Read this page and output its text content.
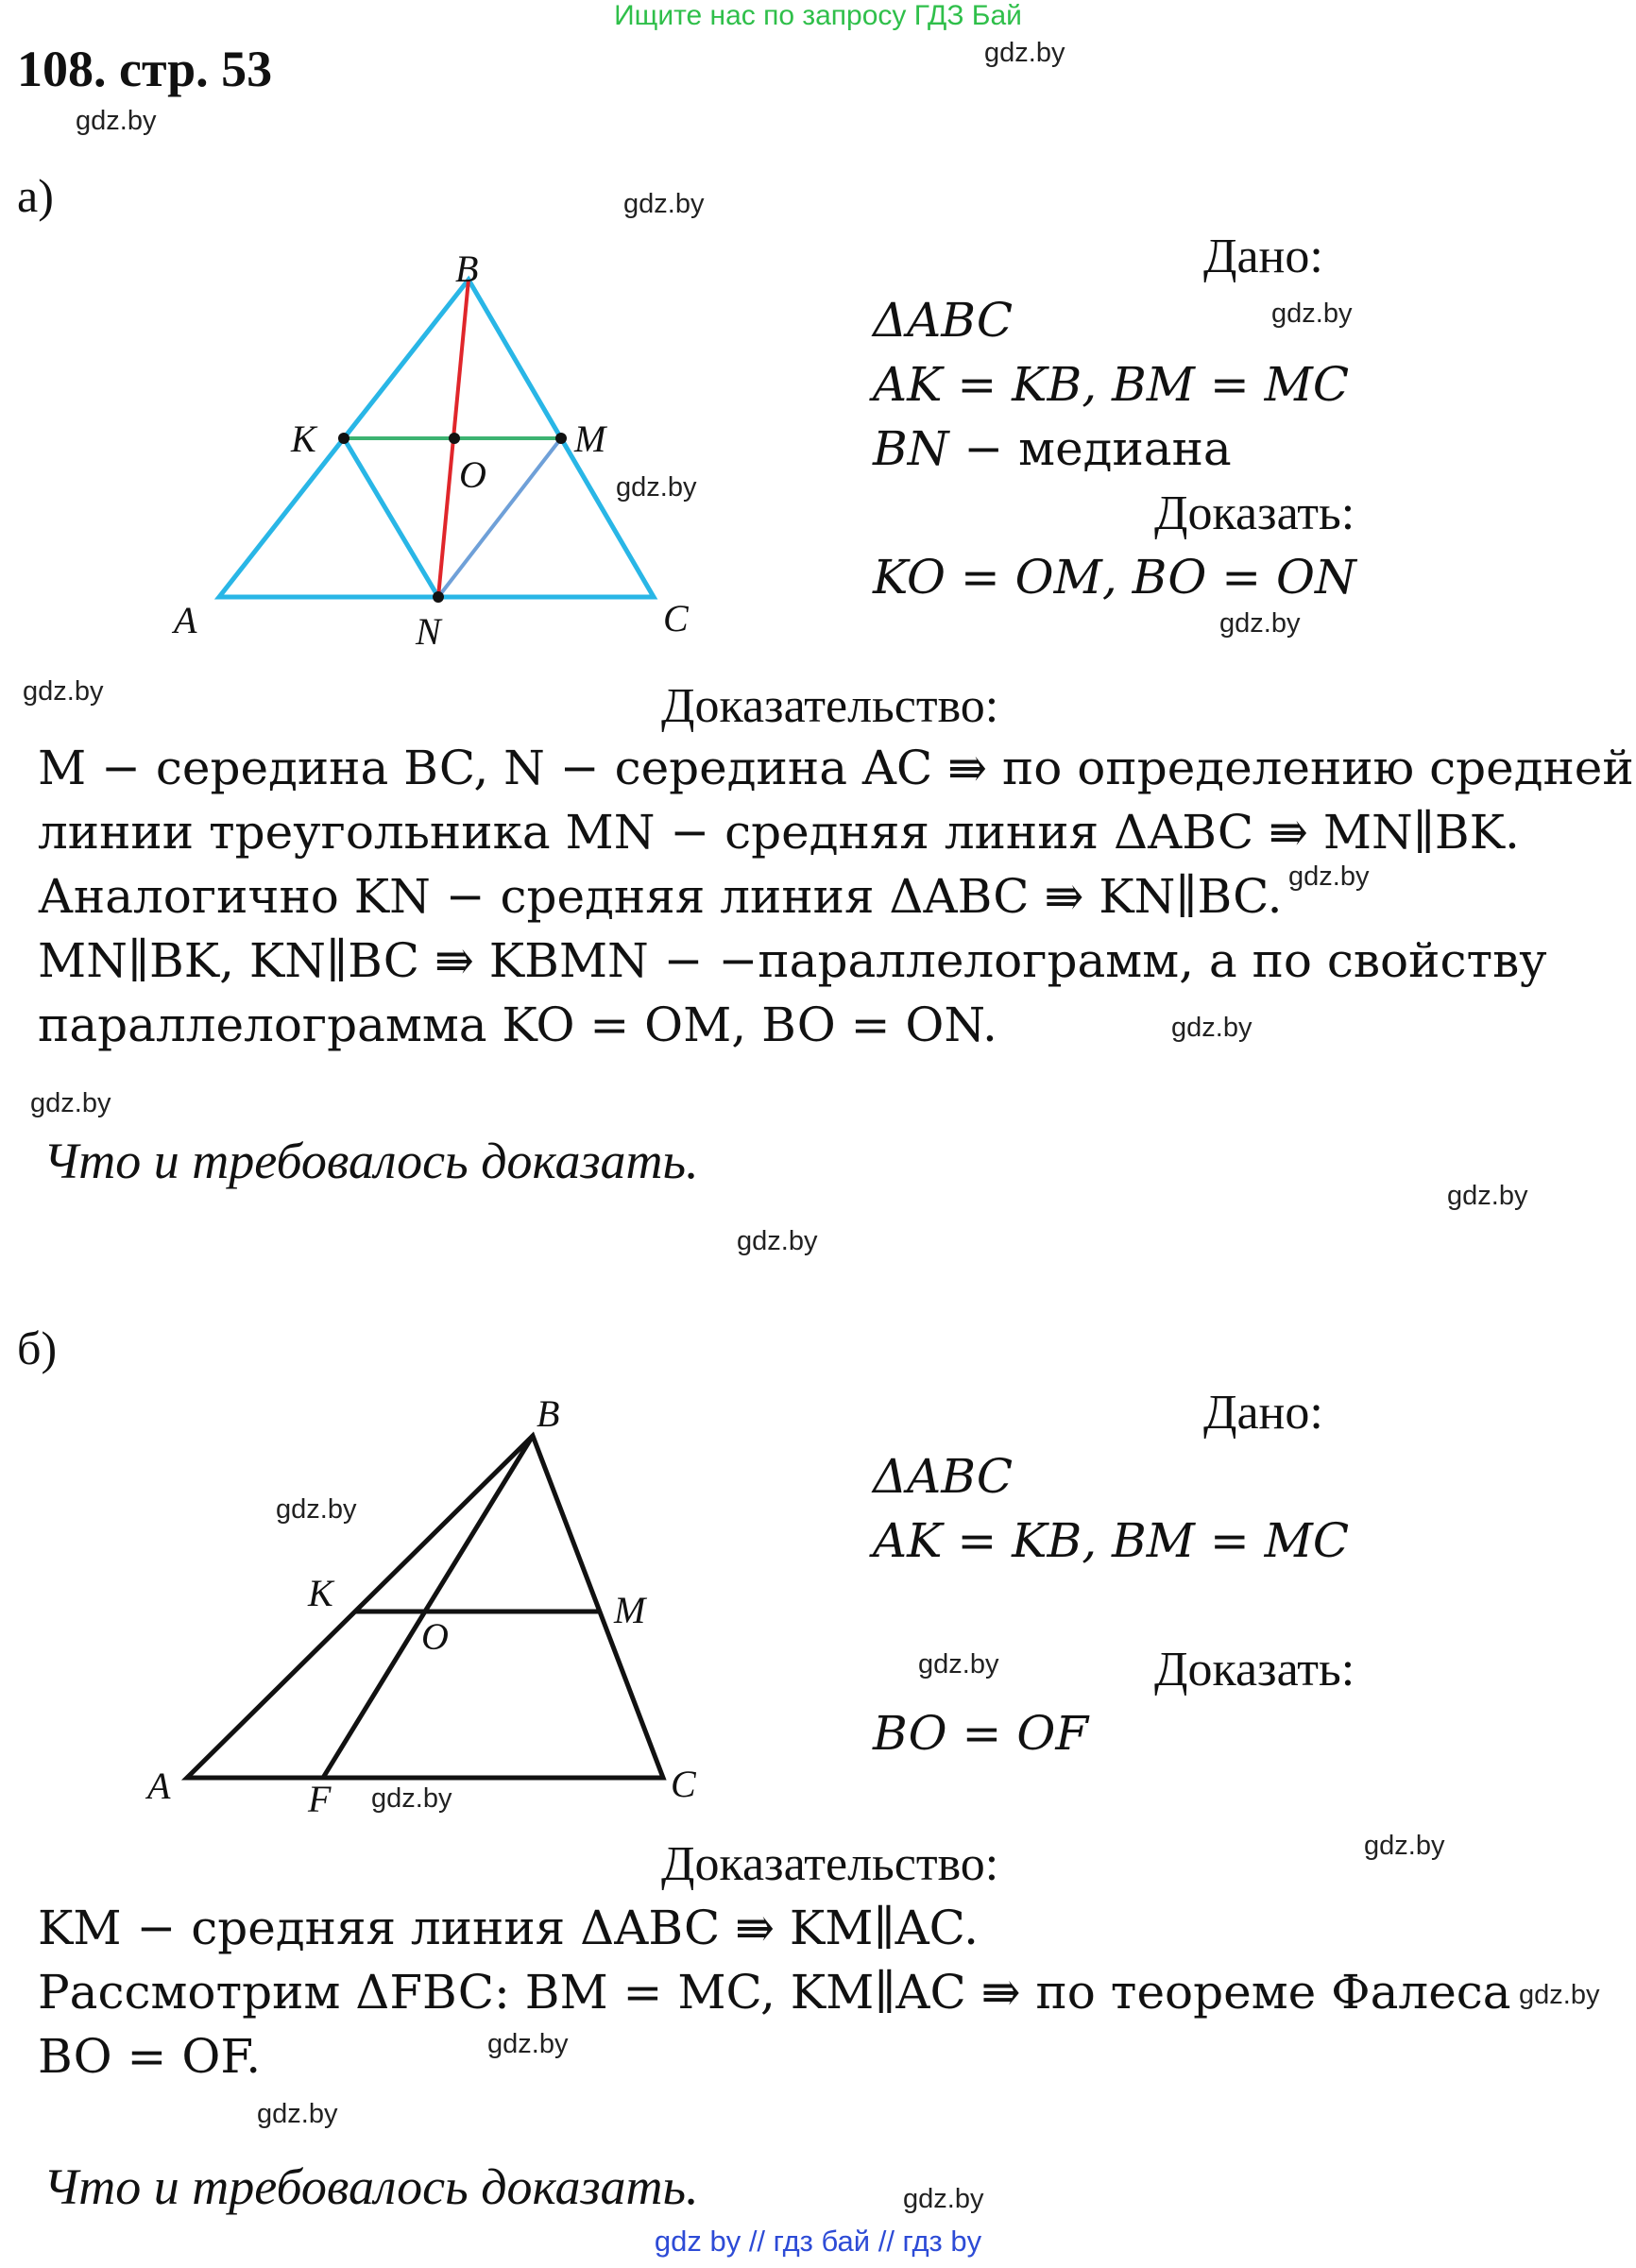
Ищите нас по запросу ГДЗ Бай
108. стр. 53	gdz.by
gdz.by
gdz.by
gdz.by
gdz.by
gdz.by
gdz.by
gdz.by
gdz.by
gdz.by
gdz.by
gdz.by
gdz.by
gdz.by
gdz.by
gdz.by
gdz.by
gdz.by
gdz.by
gdz.by
а)
B
K	M
O
A	N	C
Дано:
ΔABC
AK = KB, BM = MC
BN − медиана
Доказать:
KO = OM, BO = ON
Доказательство:
M − середина BC, N − середина AC ⇛ по определению средней
линии треугольника MN − средняя линия ΔABC ⇛ MN∥BK.
Аналогично KN − средняя линия ΔABC ⇛ KN∥BC.
MN∥BK, KN∥BC ⇛ KBMN − −параллелограмм, а по свойству
параллелограмма KO = OM, BO = ON.
Что и требовалось доказать.
б)
B
K	M
O
A	F	C
Дано:
ΔABC
AK = KB, BM = MC
Доказать:
BO = OF
Доказательство:
KM − средняя линия ΔABC ⇛ KM∥AC.
Рассмотрим ΔFBC: BM = MC, KM∥AC ⇛ по теореме Фалеса
BO = OF.
Что и требовалось доказать.
gdz by // гдз бай // гдз by
